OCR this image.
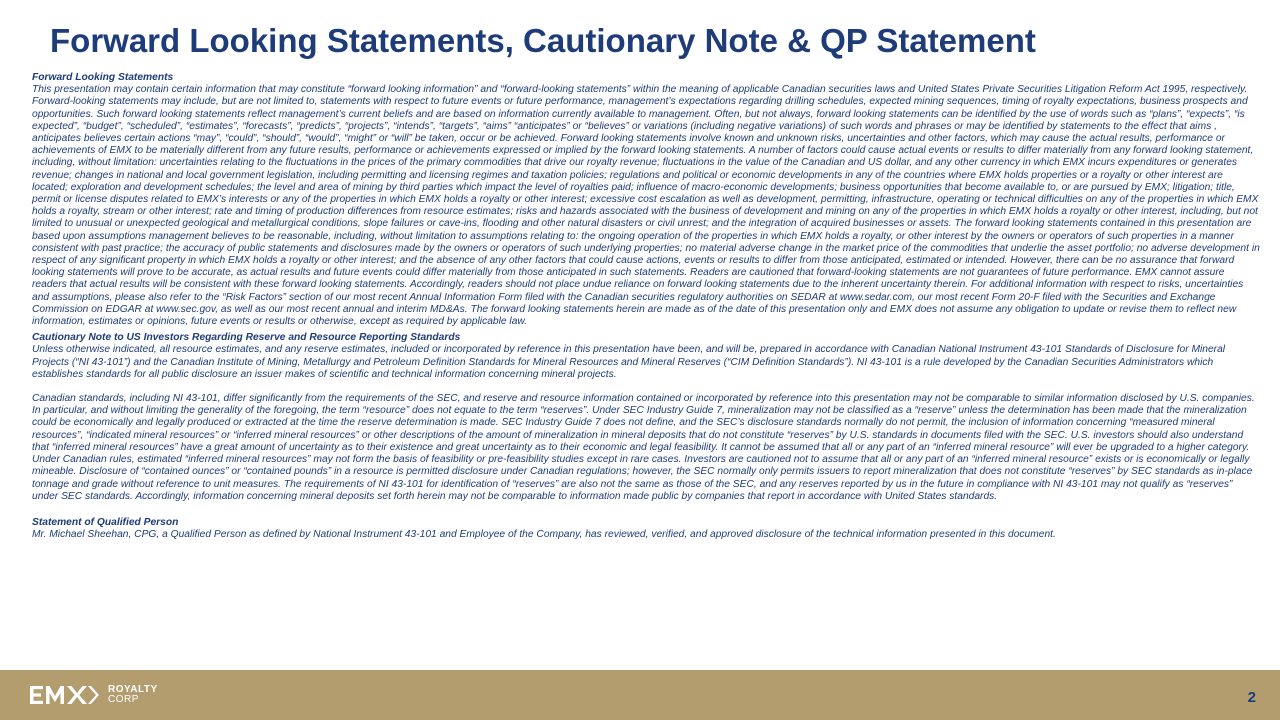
Forward Looking Statements, Cautionary Note & QP Statement

Forward Looking Statements

This presentation may contain certain information that may constitute “forward looking information” and “forward-looking statements” within the meaning of applicable Canadian securities laws and United States Private Securities Litigation Reform Act 1995, respectively. Forward-looking statements may include, but are not limited to, statements with respect to future events or future performance, management’s expectations regarding drilling schedules, expected mining sequences, timing of royalty expectations, business prospects and opportunities. Such forward looking statements reflect management’s current beliefs and are based on information currently available to management. Often, but not always, forward looking statements can be identified by the use of words such as “plans”, “expects”, “is expected”, “budget”, “scheduled”, “estimates”, “forecasts”, “predicts”, “projects”, “intends”, “targets”, “aims” “anticipates” or “believes” or variations (including negative variations) of such words and phrases or may be identified by statements to the effect that aims , anticipates believes certain actions “may”, “could”, “should”, “would”, “might” or “will” be taken, occur or be achieved. Forward looking statements involve known and unknown risks, uncertainties and other factors, which may cause the actual results, performance or achievements of EMX to be materially different from any future results, performance or achievements expressed or implied by the forward looking statements. A number of factors could cause actual events or results to differ materially from any forward looking statement, including, without limitation: uncertainties relating to the fluctuations in the prices of the primary commodities that drive our royalty revenue; fluctuations in the value of the Canadian and US dollar, and any other currency in which EMX incurs expenditures or generates revenue; changes in national and local government legislation, including permitting and licensing regimes and taxation policies; regulations and political or economic developments in any of the countries where EMX holds properties or a royalty or other interest are located; exploration and development schedules; the level and area of mining by third parties which impact the level of royalties paid; influence of macro-economic developments; business opportunities that become available to, or are pursued by EMX; litigation; title, permit or license disputes related to EMX’s interests or any of the properties in which EMX holds a royalty or other interest; excessive cost escalation as well as development, permitting, infrastructure, operating or technical difficulties on any of the properties in which EMX holds a royalty, stream or other interest; rate and timing of production differences from resource estimates; risks and hazards associated with the business of development and mining on any of the properties in which EMX holds a royalty or other interest, including, but not limited to unusual or unexpected geological and metallurgical conditions, slope failures or cave-ins, flooding and other natural disasters or civil unrest; and the integration of acquired businesses or assets. The forward looking statements contained in this presentation are based upon assumptions management believes to be reasonable, including, without limitation to assumptions relating to: the ongoing operation of the properties in which EMX holds a royalty, or other interest by the owners or operators of such properties in a manner consistent with past practice; the accuracy of public statements and disclosures made by the owners or operators of such underlying properties; no material adverse change in the market price of the commodities that underlie the asset portfolio; no adverse development in respect of any significant property in which EMX holds a royalty or other interest; and the absence of any other factors that could cause actions, events or results to differ from those anticipated, estimated or intended. However, there can be no assurance that forward looking statements will prove to be accurate, as actual results and future events could differ materially from those anticipated in such statements. Readers are cautioned that forward-looking statements are not guarantees of future performance. EMX cannot assure readers that actual results will be consistent with these forward looking statements. Accordingly, readers should not place undue reliance on forward looking statements due to the inherent uncertainty therein. For additional information with respect to risks, uncertainties and assumptions, please also refer to the “Risk Factors” section of our most recent Annual Information Form filed with the Canadian securities regulatory authorities on SEDAR at www.sedar.com, our most recent Form 20-F filed with the Securities and Exchange Commission on EDGAR at www.sec.gov, as well as our most recent annual and interim MD&As. The forward looking statements herein are made as of the date of this presentation only and EMX does not assume any obligation to update or revise them to reflect new information, estimates or opinions, future events or results or otherwise, except as required by applicable law.

Cautionary Note to US Investors Regarding Reserve and Resource Reporting Standards

Unless otherwise indicated, all resource estimates, and any reserve estimates, included or incorporated by reference in this presentation have been, and will be, prepared in accordance with Canadian National Instrument 43-101 Standards of Disclosure for Mineral Projects (“NI 43-101”) and the Canadian Institute of Mining, Metallurgy and Petroleum Definition Standards for Mineral Resources and Mineral Reserves (“CIM Definition Standards”). NI 43-101 is a rule developed by the Canadian Securities Administrators which establishes standards for all public disclosure an issuer makes of scientific and technical information concerning mineral projects.

Canadian standards, including NI 43-101, differ significantly from the requirements of the SEC, and reserve and resource information contained or incorporated by reference into this presentation may not be comparable to similar information disclosed by U.S. companies. In particular, and without limiting the generality of the foregoing, the term “resource” does not equate to the term “reserves”. Under SEC Industry Guide 7, mineralization may not be classified as a “reserve” unless the determination has been made that the mineralization could be economically and legally produced or extracted at the time the reserve determination is made. SEC Industry Guide 7 does not define, and the SEC’s disclosure standards normally do not permit, the inclusion of information concerning “measured mineral resources”, “indicated mineral resources” or “inferred mineral resources” or other descriptions of the amount of mineralization in mineral deposits that do not constitute “reserves” by U.S. standards in documents filed with the SEC. U.S. investors should also understand that “inferred mineral resources” have a great amount of uncertainty as to their existence and great uncertainty as to their economic and legal feasibility. It cannot be assumed that all or any part of an “inferred mineral resource” will ever be upgraded to a higher category. Under Canadian rules, estimated “inferred mineral resources” may not form the basis of feasibility or pre-feasibility studies except in rare cases. Investors are cautioned not to assume that all or any part of an “inferred mineral resource” exists or is economically or legally mineable. Disclosure of “contained ounces” or “contained pounds” in a resource is permitted disclosure under Canadian regulations; however, the SEC normally only permits issuers to report mineralization that does not constitute “reserves” by SEC standards as in-place tonnage and grade without reference to unit measures. The requirements of NI 43-101 for identification of “reserves” are also not the same as those of the SEC, and any reserves reported by us in the future in compliance with NI 43-101 may not qualify as “reserves” under SEC standards. Accordingly, information concerning mineral deposits set forth herein may not be comparable to information made public by companies that report in accordance with United States standards.

Statement of Qualified Person

Mr. Michael Sheehan, CPG, a Qualified Person as defined by National Instrument 43-101 and Employee of the Company, has reviewed, verified, and approved disclosure of the technical information presented in this document.

ROYALTY
CORP	2
